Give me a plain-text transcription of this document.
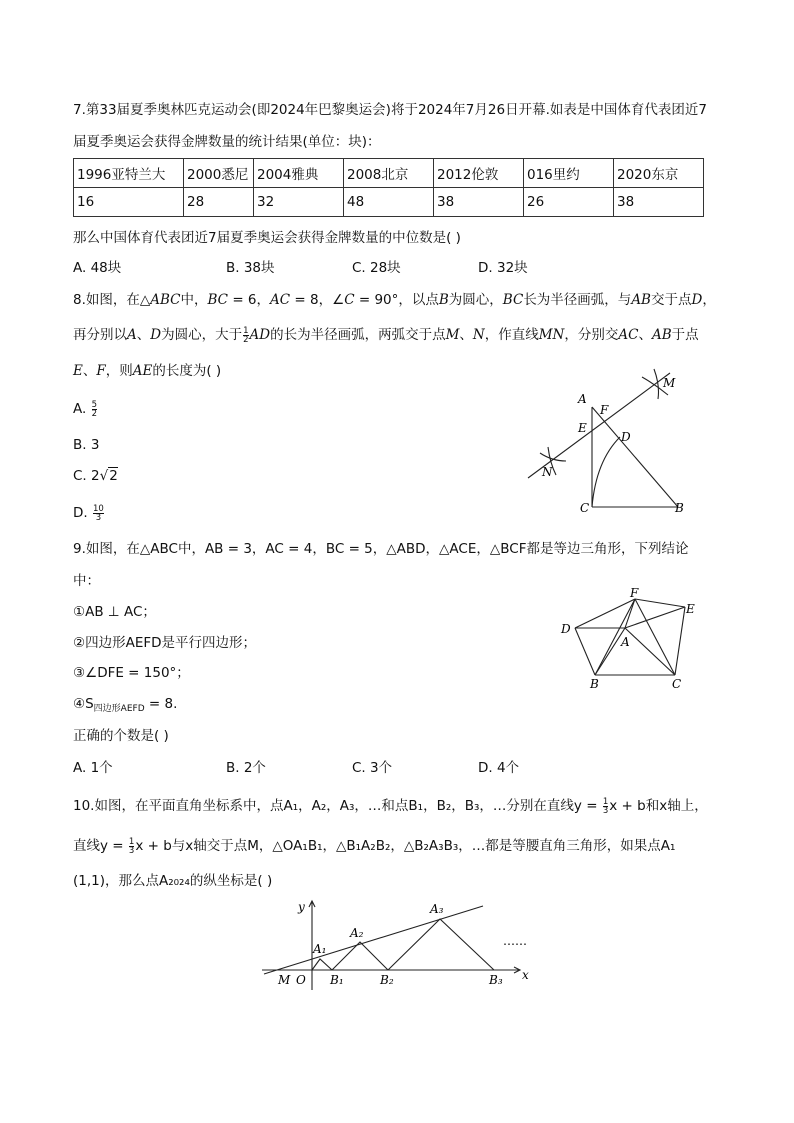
7.第33届夏季奥林匹克运动会(即2024年巴黎奥运会)将于2024年7月26日开幕.如表是中国体育代表团近7
届夏季奥运会获得金牌数量的统计结果(单位：块)：
1996亚特兰大	2000悉尼	2004雅典	2008北京	2012伦敦	016里约	2020东京
16	28	32	48	38	26	38
那么中国体育代表团近7届夏季奥运会获得金牌数量的中位数是( )
A. 48块	B. 38块	C. 28块	D. 32块
8.如图，在△ABC中，BC = 6，AC = 8，∠C = 90°，以点B为圆心，BC长为半径画弧，与AB交于点D，
再分别以A、D为圆心，大于 $\frac{1}{2}$ AD的长为半径画弧，两弧交于点M、N，作直线MN，分别交AC、AB于点
E、F，则AE的长度为( )
A. $\frac{5}{2}$
B. 3
C. 2√2
D. $\frac{10}{3}$
A
F
E
D
M
N
C	B
9.如图，在△ABC中，AB = 3，AC = 4，BC = 5，△ABD，△ACE，△BCF都是等边三角形，下列结论
中：
①AB ⊥ AC；
②四边形AEFD是平行四边形；
③∠DFE = 150°；
$④S_{四边形AEFD} = 8$.
正确的个数是( )
A. 1个	B. 2个	C. 3个	D. 4个
F
E
D
A
B	C
10.如图，在平面直角坐标系中，点A₁，A₂，A₃，…和点B₁，B₂，B₃，…分别在直线$y = \frac{1}{3}$ x + b和x轴上，
直线$y = \frac{1}{3}$ x + b与x轴交于点M，△OA₁B₁，△B₁A₂B₂，△B₂A₃B₃，…都是等腰直角三角形，如果点A₁
(1,1)，那么点A₂₀₂₄的纵坐标是( )
y
x
M O
A₁
A₂
A₃
B₁	B₂	B₃
……
